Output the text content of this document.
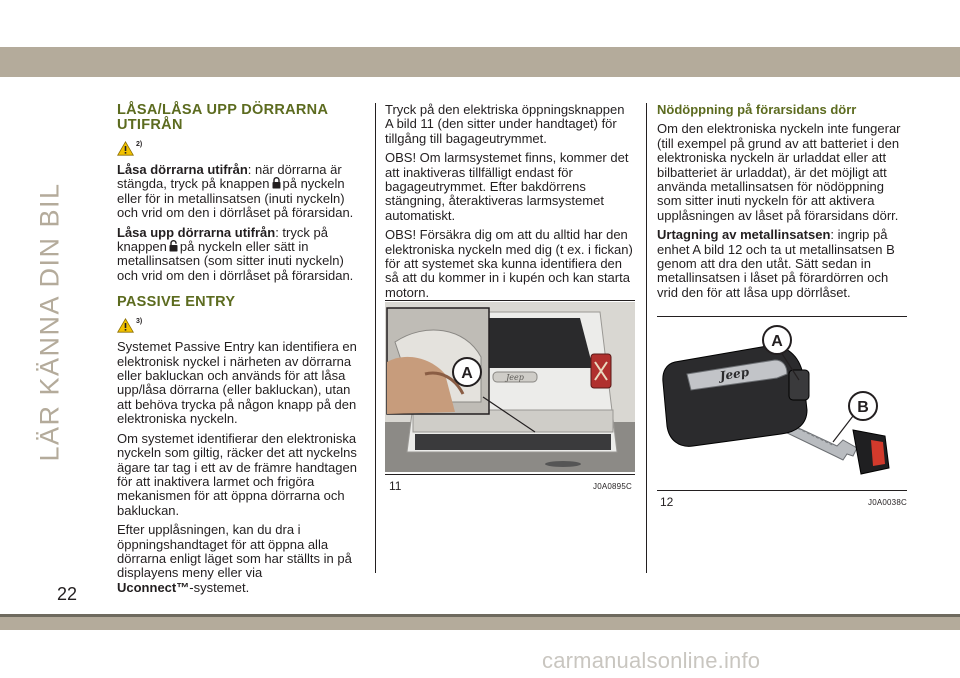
LÄR KÄNNA DIN BIL
22
LÅSA/LÅSA UPP DÖRRARNA UTIFRÅN
$^{2)}$

Låsa dörrarna utifrån: när dörrarna är stängda, tryck på knappen på nyckeln eller för in metallinsatsen (inuti nyckeln) och vrid om den i dörrlåset på förarsidan.

Låsa upp dörrarna utifrån: tryck på knappen på nyckeln eller sätt in metallinsatsen (som sitter inuti nyckeln) och vrid om den i dörrlåset på förarsidan.

PASSIVE ENTRY
$^{3)}$

Systemet Passive Entry kan identifiera en elektronisk nyckel i närheten av dörrarna eller bakluckan och används för att låsa upp/låsa dörrarna (eller bakluckan), utan att behöva trycka på någon knapp på den elektroniska nyckeln.

Om systemet identifierar den elektroniska nyckeln som giltig, räcker det att nyckelns ägare tar tag i ett av de främre handtagen för att inaktivera larmet och frigöra mekanismen för att öppna dörrarna och bakluckan.

Efter upplåsningen, kan du dra i öppningshandtaget för att öppna alla dörrarna enligt läget som har ställts in på displayens meny eller via
Uconnect™-systemet.

Tryck på den elektriska öppningsknappen A bild 11 (den sitter under handtaget) för tillgång till bagageutrymmet.

OBS! Om larmsystemet finns, kommer det att inaktiveras tillfälligt endast för bagageutrymmet. Efter bakdörrens stängning, återaktiveras larmsystemet automatiskt.

OBS! Försäkra dig om att du alltid har den elektroniska nyckeln med dig (t ex. i fickan) för att systemet ska kunna identifiera den så att du kommer in i kupén och kan starta motorn.

Jeep
A
11	J0A0895C
Nödöppning på förarsidans dörr

Om den elektroniska nyckeln inte fungerar (till exempel på grund av att batteriet i den elektroniska nyckeln är urladdat eller att bilbatteriet är urladdat), är det möjligt att använda metallinsatsen för nödöppning som sitter inuti nyckeln för att aktivera upplåsningen av låset på förarsidans dörr.

Urtagning av metallinsatsen: ingrip på enhet A bild 12 och ta ut metallinsatsen B genom att dra den utåt. Sätt sedan in metallinsatsen i låset på förardörren och vrid den för att låsa upp dörrlåset.

Jeep
A
B
12	J0A0038C
carmanualsonline.info
